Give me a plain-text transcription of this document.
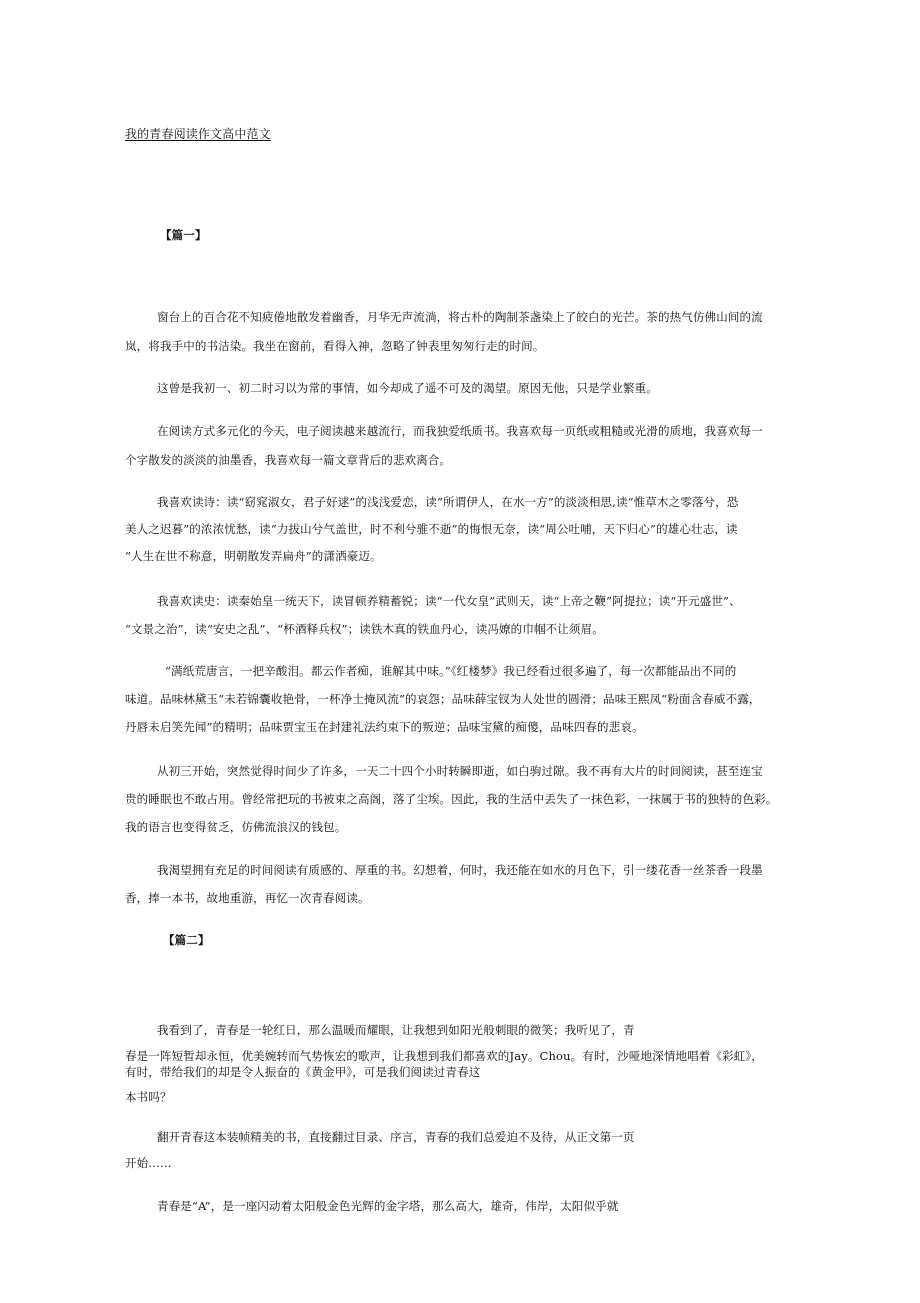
我的青春阅读作文高中范文

【篇一】

窗台上的百合花不知疲倦地散发着幽香，月华无声流淌，将古朴的陶制茶盏染上了皎白的光芒。茶的热气仿佛山间的流

岚，将我手中的书洁染。我坐在窗前，看得入神，忽略了钟表里匆匆行走的时间。

这曾是我初一、初二时习以为常的事情，如今却成了遥不可及的渴望。原因无他，只是学业繁重。

在阅读方式多元化的今天，电子阅读越来越流行，而我独爱纸质书。我喜欢每一页纸或粗糙或光滑的质地，我喜欢每一

个字散发的淡淡的油墨香，我喜欢每一篇文章背后的悲欢离合。

我喜欢读诗：读“窈窕淑女，君子好逑”的浅浅爱恋，读“所谓伊人，在水一方”的淡淡相思,读“惟草木之零落兮，恐

美人之迟暮”的浓浓忧愁，读“力拔山兮气盖世，时不利兮骓不逝”的悔恨无奈，读“周公吐哺，天下归心”的雄心壮志，读

“人生在世不称意，明朝散发弄扁舟”的潇洒豪迈。

我喜欢读史：读秦始皇一统天下，读冒顿养精蓄锐；读“一代女皇”武则天，读“上帝之鞭”阿提拉；读“开元盛世”、

“文景之治”，读“安史之乱”、“杯酒释兵权”；读铁木真的铁血丹心，读冯嫽的巾帼不让须眉。

“满纸荒唐言，一把辛酸泪。都云作者痴，谁解其中味。”《红楼梦》我已经看过很多遍了，每一次都能品出不同的

味道。品味林黛玉“未若锦囊收艳骨，一杯净土掩风流”的哀怨；品味薛宝钗为人处世的圆滑；品味王熙凤“粉面含春威不露，

丹唇未启笑先闻”的精明；品味贾宝玉在封建礼法约束下的叛逆；品味宝黛的痴傻，品味四春的悲哀。

从初三开始，突然觉得时间少了许多，一天二十四个小时转瞬即逝，如白驹过隙。我不再有大片的时间阅读，甚至连宝

贵的睡眠也不敢占用。曾经常把玩的书被束之高阁，落了尘埃。因此，我的生活中丢失了一抹色彩，一抹属于书的独特的色彩。

我的语言也变得贫乏，仿佛流浪汉的钱包。

我渴望拥有充足的时间阅读有质感的、厚重的书。幻想着，何时，我还能在如水的月色下，引一缕花香一丝茶香一段墨

香，捧一本书，故地重游，再忆一次青春阅读。

【篇二】

我看到了，青春是一轮红日，那么温暖而耀眼，让我想到如阳光般刺眼的微笑；我听见了，青

春是一阵短暂却永恒，优美婉转而气势恢宏的歌声，让我想到我们都喜欢的Jay。Chou。有时，沙哑地深情地唱着《彩虹》，

有时，带给我们的却是令人振奋的《黄金甲》，可是我们阅读过青春这

本书吗？

翻开青春这本装帧精美的书，直接翻过目录、序言，青春的我们总爱迫不及待，从正文第一页

开始……

青春是“A”，是一座闪动着太阳般金色光辉的金字塔，那么高大，雄奇，伟岸，太阳似乎就
